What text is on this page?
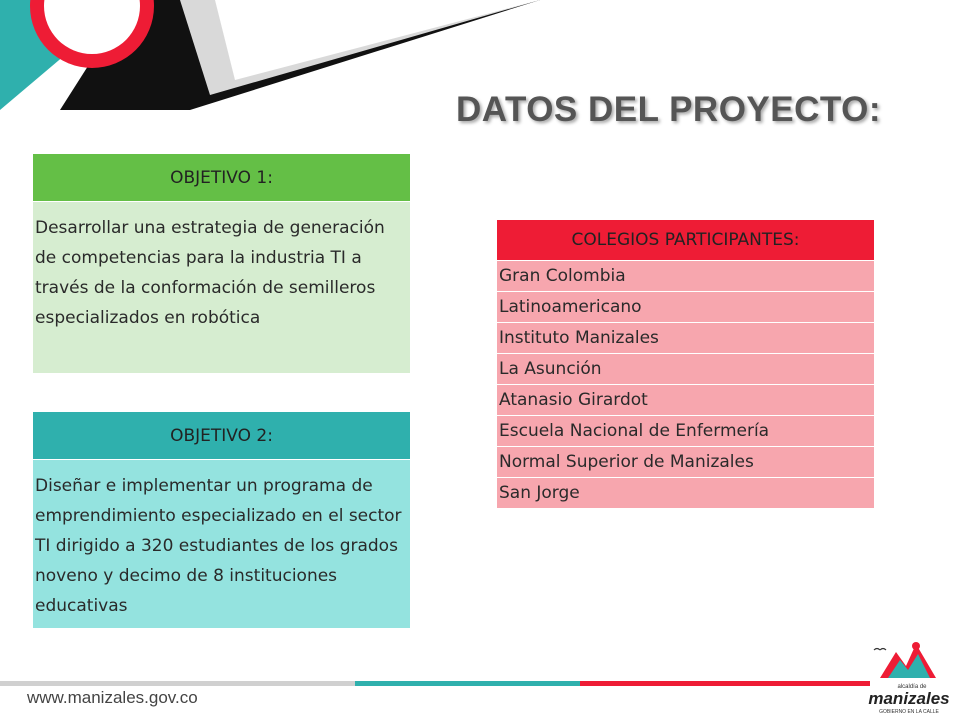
DATOS DEL PROYECTO:
OBJETIVO 1:
Desarrollar una estrategia de generación de competencias para la industria TI a través de la conformación de semilleros especializados en robótica
OBJETIVO 2:
Diseñar e implementar un programa de emprendimiento especializado en el sector TI dirigido a 320 estudiantes de los grados noveno y decimo de 8 instituciones educativas
COLEGIOS PARTICIPANTES:
Gran Colombia
Latinoamericano
Instituto Manizales
La Asunción
Atanasio Girardot
Escuela Nacional de Enfermería
Normal Superior de Manizales
San Jorge
www.manizales.gov.co
alcaldía de
manizales
GOBIERNO EN LA CALLE
